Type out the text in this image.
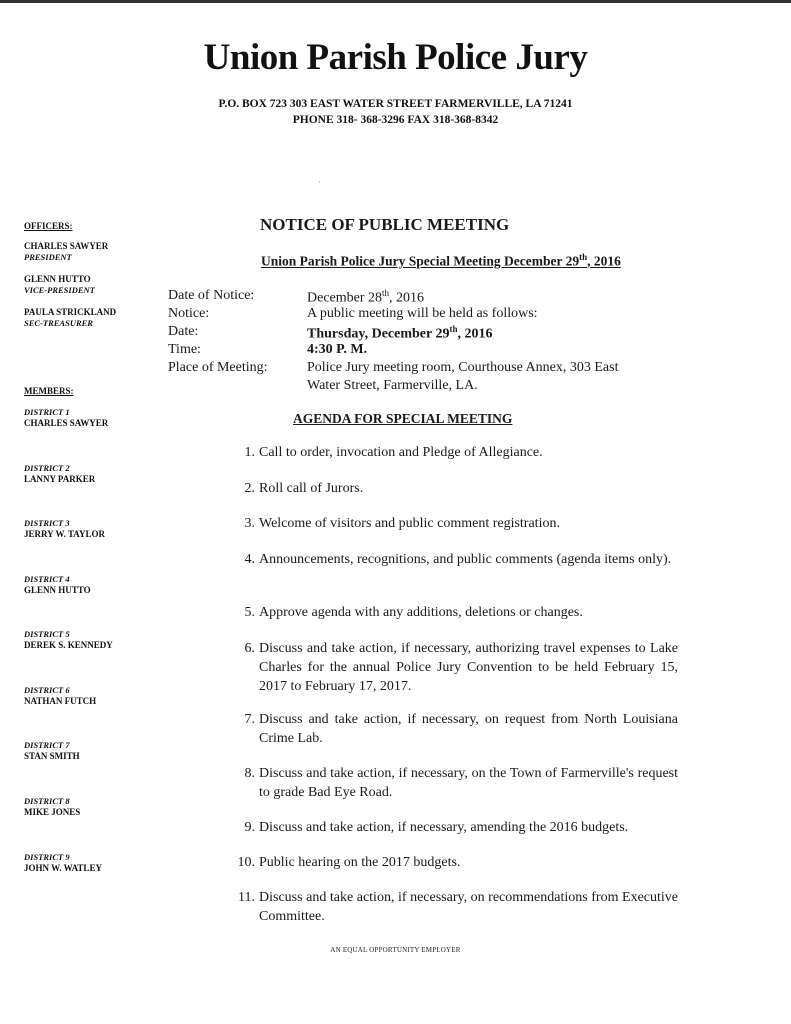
Union Parish Police Jury
P.O. BOX 723 303 EAST WATER STREET FARMERVILLE, LA 71241
PHONE 318- 368-3296 FAX 318-368-8342
·
OFFICERS:
CHARLES SAWYER
PRESIDENT
GLENN HUTTO
VICE-PRESIDENT
PAULA STRICKLAND
SEC-TREASURER
MEMBERS:
DISTRICT 1
CHARLES SAWYER
DISTRICT 2
LANNY PARKER
DISTRICT 3
JERRY W. TAYLOR
DISTRICT 4
GLENN HUTTO
DISTRICT 5
DEREK S. KENNEDY
DISTRICT 6
NATHAN FUTCH
DISTRICT 7
STAN SMITH
DISTRICT 8
MIKE JONES
DISTRICT 9
JOHN W. WATLEY
NOTICE OF PUBLIC MEETING
Union Parish Police Jury Special Meeting December 29th, 2016
Date of Notice:	December 28th, 2016
Notice:	A public meeting will be held as follows:
Date:	Thursday, December 29th, 2016
Time:	4:30 P. M.
Place of Meeting:	Police Jury meeting room, Courthouse Annex, 303 East
Water Street, Farmerville, LA.
AGENDA FOR SPECIAL MEETING
1. Call to order, invocation and Pledge of Allegiance.
2. Roll call of Jurors.
3. Welcome of visitors and public comment registration.
4. Announcements, recognitions, and public comments (agenda items only).
5. Approve agenda with any additions, deletions or changes.
6. Discuss and take action, if necessary, authorizing travel expenses to Lake Charles for the annual Police Jury Convention to be held February 15, 2017 to February 17, 2017.
7. Discuss and take action, if necessary, on request from North Louisiana Crime Lab.
8. Discuss and take action, if necessary, on the Town of Farmerville's request to grade Bad Eye Road.
9. Discuss and take action, if necessary, amending the 2016 budgets.
10. Public hearing on the 2017 budgets.
11. Discuss and take action, if necessary, on recommendations from Executive Committee.
AN EQUAL OPPORTUNITY EMPLOYER
